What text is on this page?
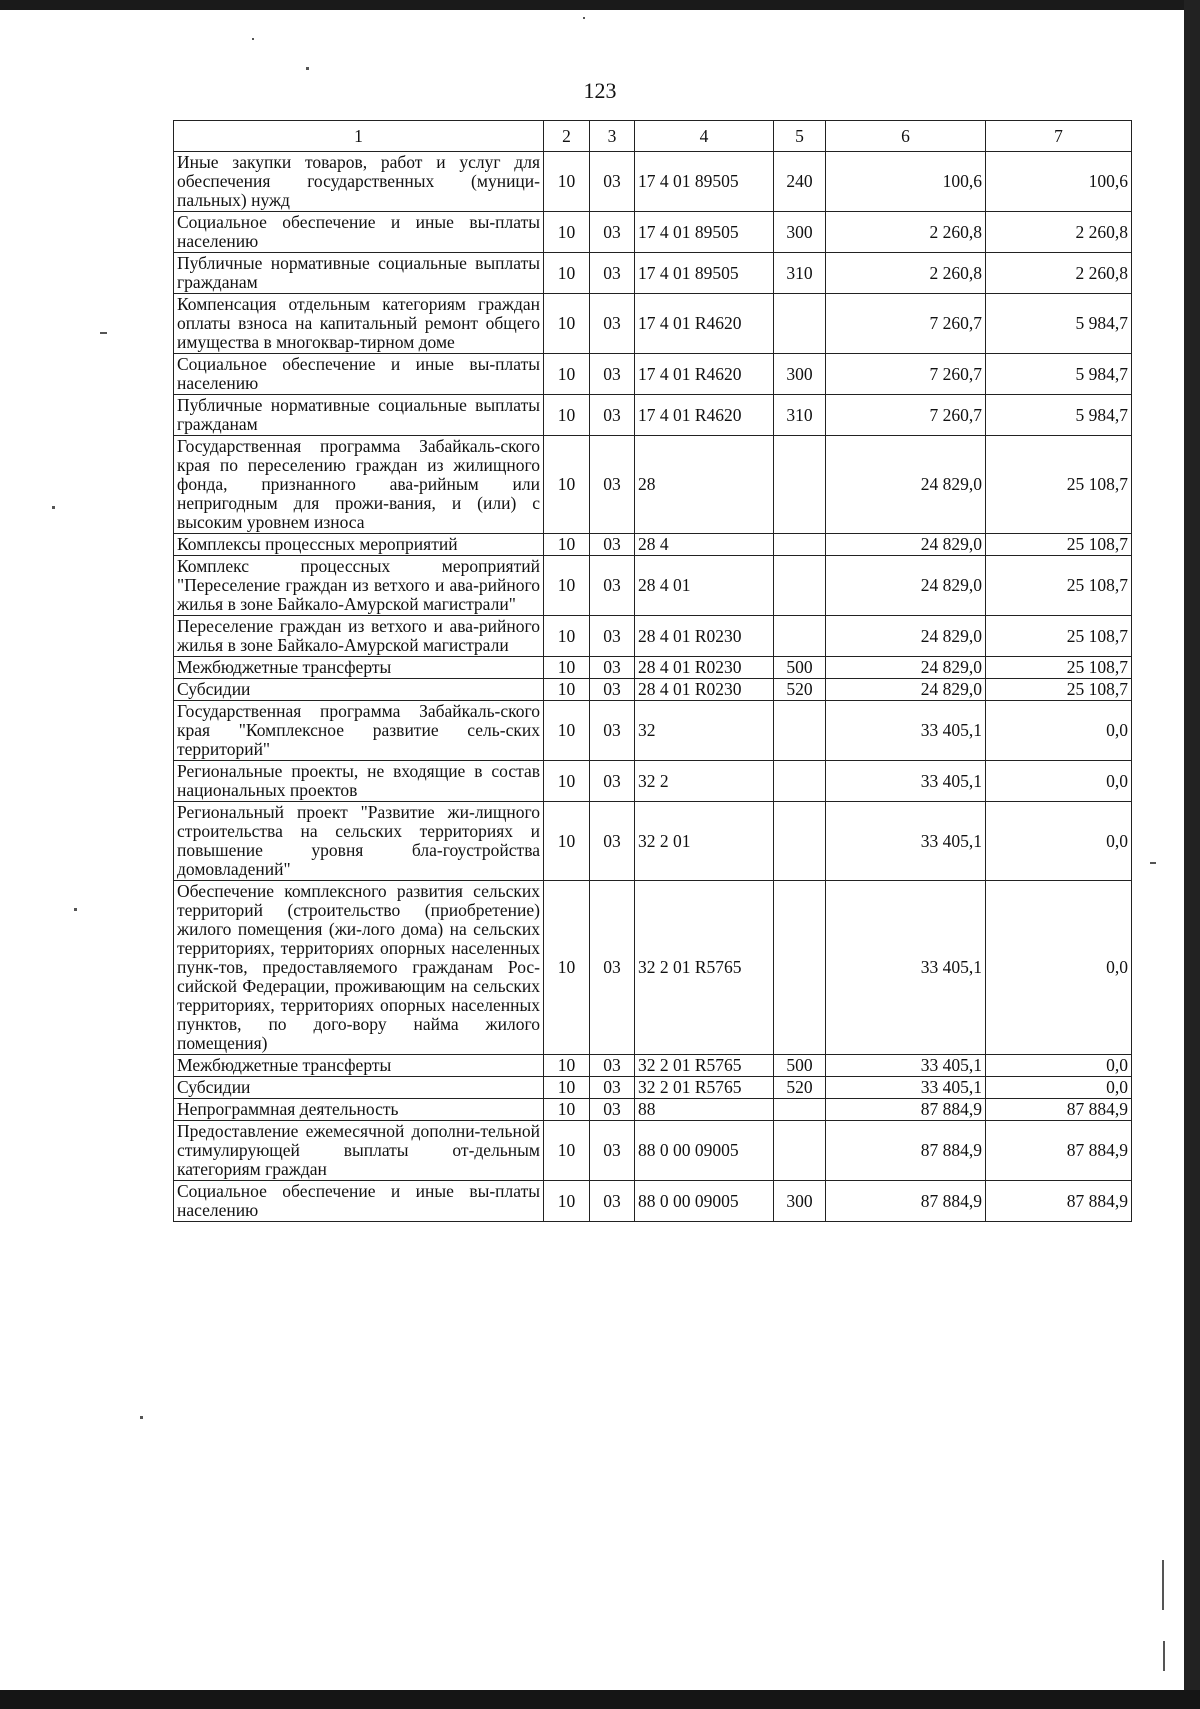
123
1	2	3	4	5	6	7
Иные закупки товаров, работ и услуг для обеспечения государственных (муници-пальных) нужд	10	03	17 4 01 89505	240	100,6	100,6
Социальное обеспечение и иные вы-платы населению	10	03	17 4 01 89505	300	2 260,8	2 260,8
Публичные нормативные социальные выплаты гражданам	10	03	17 4 01 89505	310	2 260,8	2 260,8
Компенсация отдельным категориям граждан оплаты взноса на капитальный ремонт общего имущества в многоквар-тирном доме	10	03	17 4 01 R4620		7 260,7	5 984,7
Социальное обеспечение и иные вы-платы населению	10	03	17 4 01 R4620	300	7 260,7	5 984,7
Публичные нормативные социальные выплаты гражданам	10	03	17 4 01 R4620	310	7 260,7	5 984,7
Государственная программа Забайкаль-ского края по переселению граждан из жилищного фонда, признанного ава-рийным или непригодным для прожи-вания, и (или) с высоким уровнем износа	10	03	28		24 829,0	25 108,7
Комплексы процессных мероприятий	10	03	28 4		24 829,0	25 108,7
Комплекс процессных мероприятий "Переселение граждан из ветхого и ава-рийного жилья в зоне Байкало-Амурской магистрали"	10	03	28 4 01		24 829,0	25 108,7
Переселение граждан из ветхого и ава-рийного жилья в зоне Байкало-Амурской магистрали	10	03	28 4 01 R0230		24 829,0	25 108,7
Межбюджетные трансферты	10	03	28 4 01 R0230	500	24 829,0	25 108,7
Субсидии	10	03	28 4 01 R0230	520	24 829,0	25 108,7
Государственная программа Забайкаль-ского края "Комплексное развитие сель-ских территорий"	10	03	32		33 405,1	0,0
Региональные проекты, не входящие в состав национальных проектов	10	03	32 2		33 405,1	0,0
Региональный проект "Развитие жи-лищного строительства на сельских территориях и повышение уровня бла-гоустройства домовладений"	10	03	32 2 01		33 405,1	0,0
Обеспечение комплексного развития сельских территорий (строительство (приобретение) жилого помещения (жи-лого дома) на сельских территориях, территориях опорных населенных пунк-тов, предоставляемого гражданам Рос-сийской Федерации, проживающим на сельских территориях, территориях опорных населенных пунктов, по дого-вору найма жилого помещения)	10	03	32 2 01 R5765		33 405,1	0,0
Межбюджетные трансферты	10	03	32 2 01 R5765	500	33 405,1	0,0
Субсидии	10	03	32 2 01 R5765	520	33 405,1	0,0
Непрограммная деятельность	10	03	88		87 884,9	87 884,9
Предоставление ежемесячной дополни-тельной стимулирующей выплаты от-дельным категориям граждан	10	03	88 0 00 09005		87 884,9	87 884,9
Социальное обеспечение и иные вы-платы населению	10	03	88 0 00 09005	300	87 884,9	87 884,9
